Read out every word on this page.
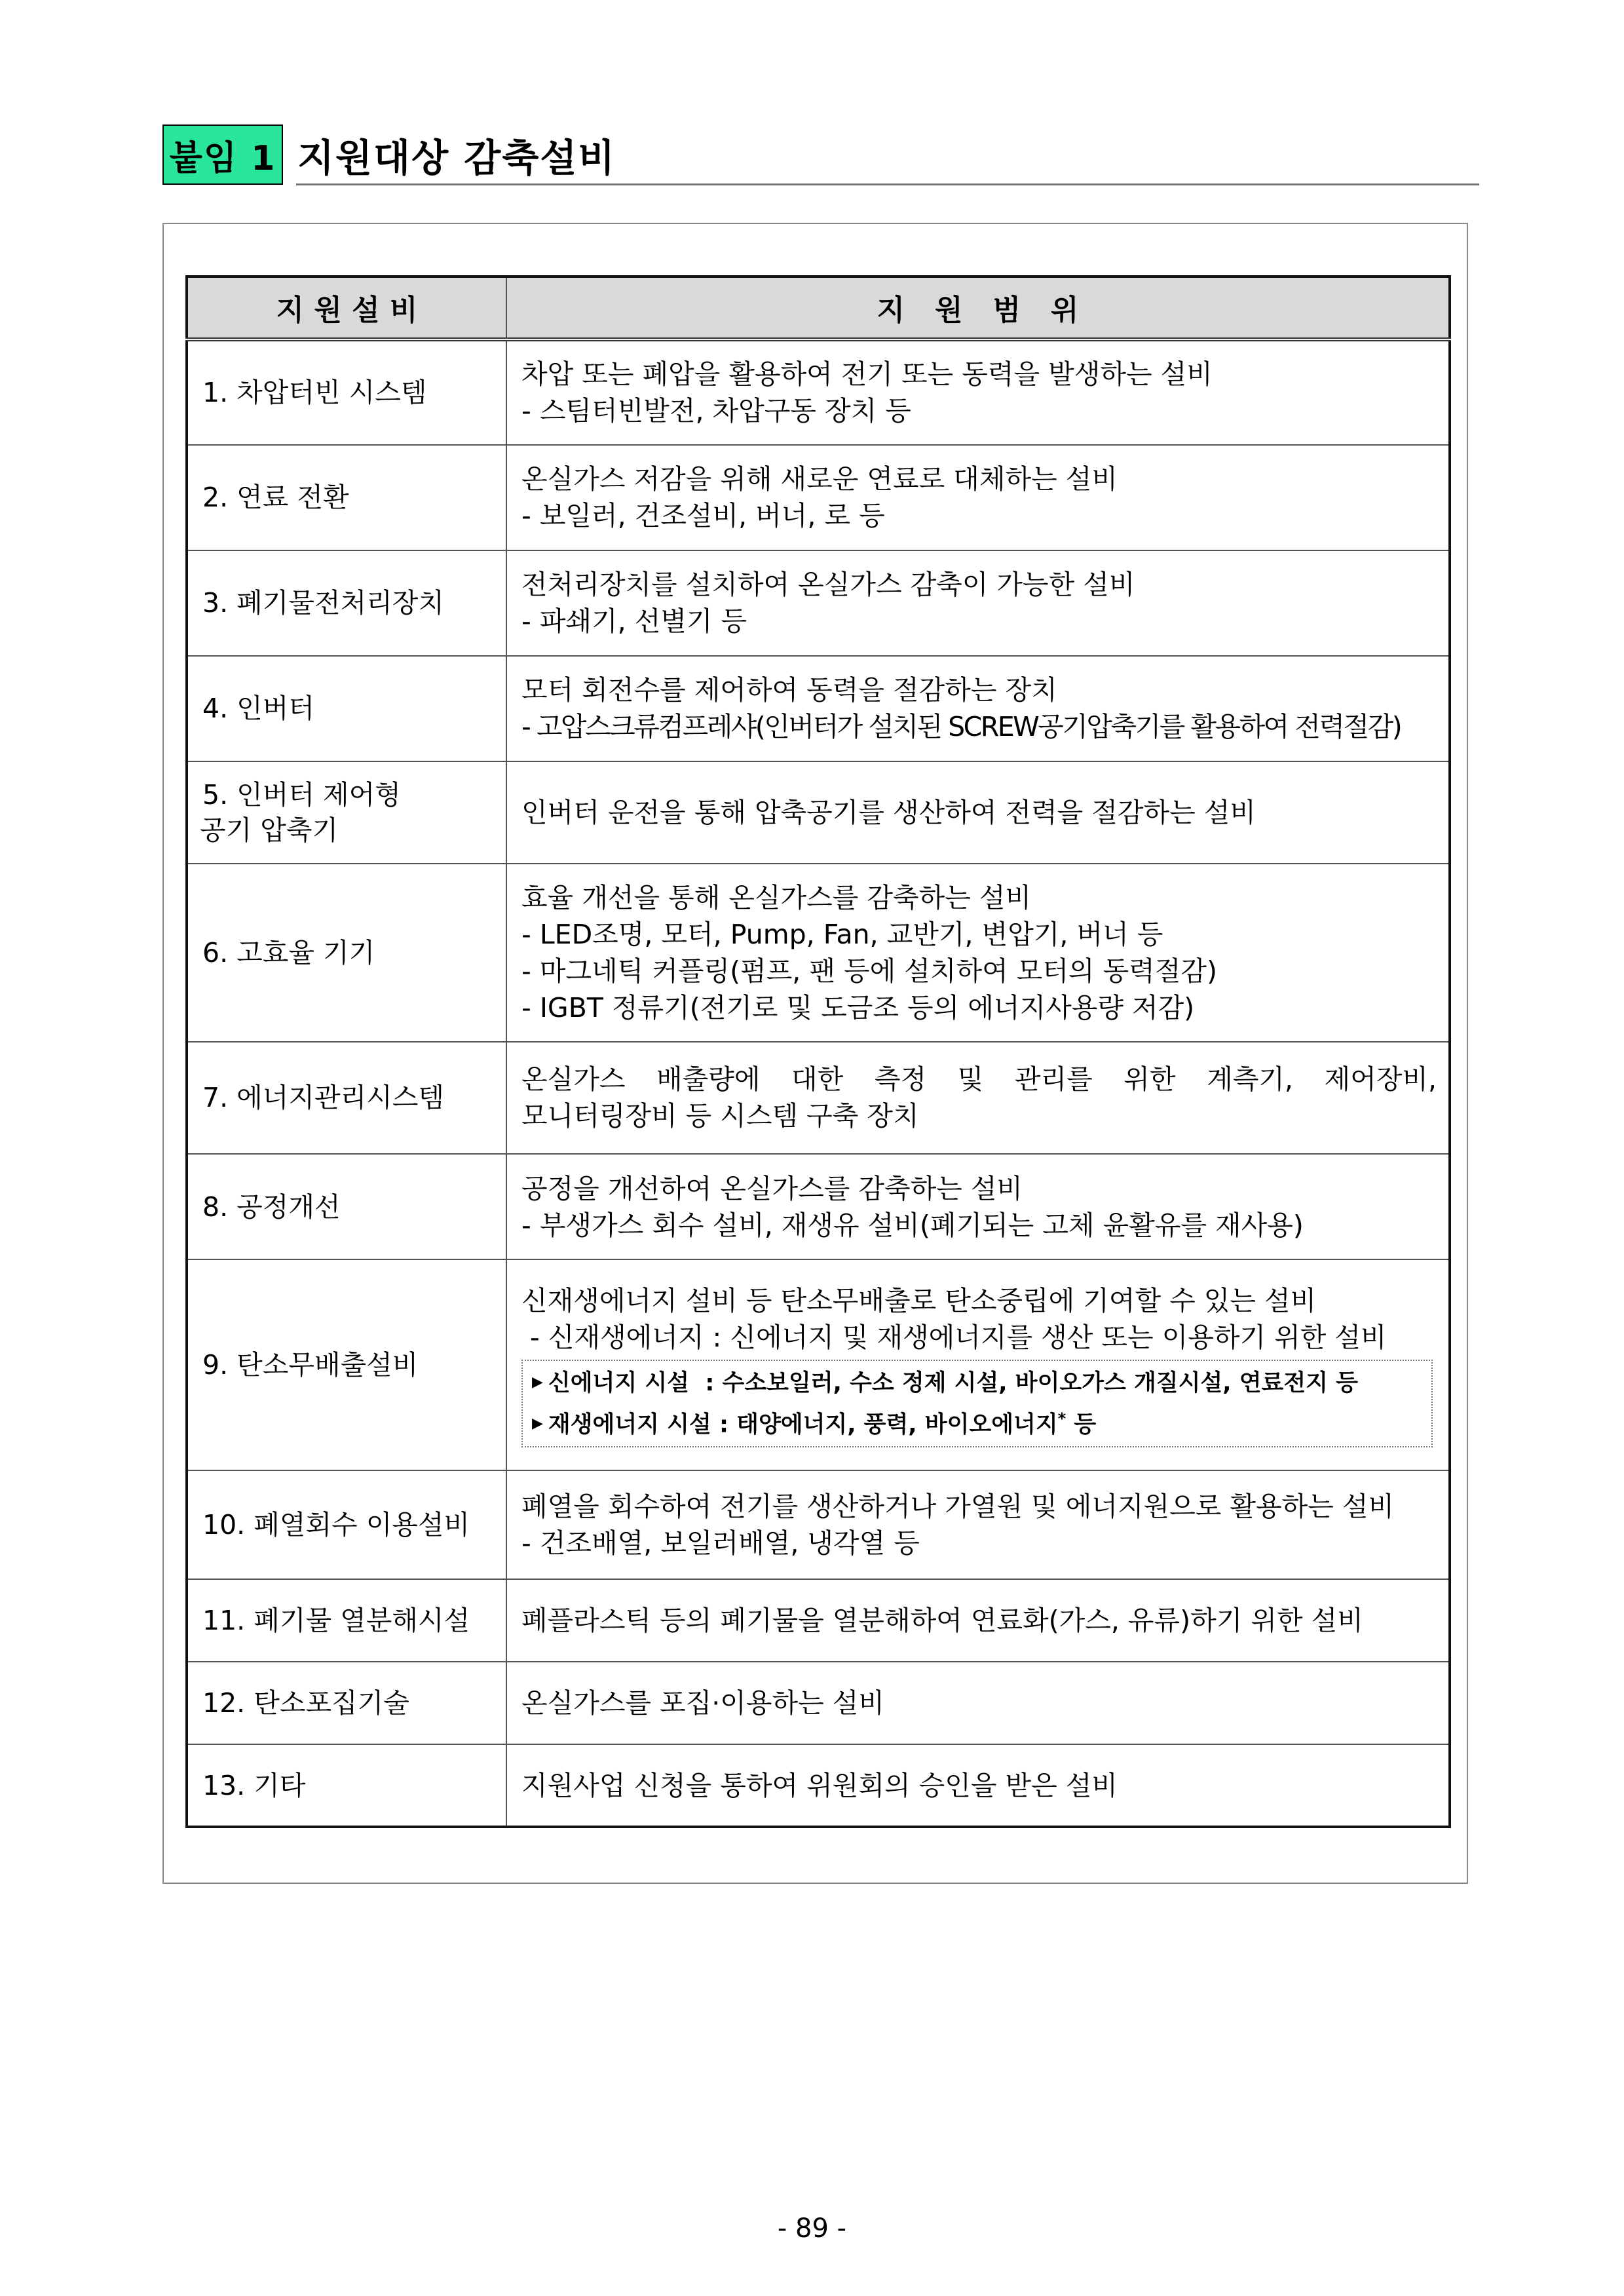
붙임 1 지원대상 감축설비
지 원 설 비	지   원   범   위
1. 차압터빈 시스템	차압 또는 폐압을 활용하여 전기 또는 동력을 발생하는 설비
- 스팀터빈발전, 차압구동 장치 등

2. 연료 전환	온실가스 저감을 위해 새로운 연료로 대체하는 설비
- 보일러, 건조설비, 버너, 로 등

3. 폐기물전처리장치	전처리장치를 설치하여 온실가스 감축이 가능한 설비
- 파쇄기, 선별기 등

4. 인버터	모터 회전수를 제어하여 동력을 절감하는 장치
- 고압스크류컴프레샤(인버터가 설치된 SCREW공기압축기를 활용하여 전력절감)

5. 인버터 제어형
공기 압축기	인버터 운전을 통해 압축공기를 생산하여 전력을 절감하는 설비

6. 고효율 기기	효율 개선을 통해 온실가스를 감축하는 설비
- LED조명, 모터, Pump, Fan, 교반기, 변압기, 버너 등
- 마그네틱 커플링(펌프, 팬 등에 설치하여 모터의 동력절감)
- IGBT 정류기(전기로 및 도금조 등의 에너지사용량 저감)

7. 에너지관리시스템	온실가스 배출량에 대한 측정 및 관리를 위한 계측기, 제어장비,
모니터링장비 등 시스템 구축 장치

8. 공정개선	공정을 개선하여 온실가스를 감축하는 설비
- 부생가스 회수 설비, 재생유 설비(폐기되는 고체 윤활유를 재사용)

9. 탄소무배출설비	신재생에너지 설비 등 탄소무배출로 탄소중립에 기여할 수 있는 설비
- 신재생에너지 : 신에너지 및 재생에너지를 생산 또는 이용하기 위한 설비
▶ 신에너지 시설  : 수소보일러, 수소 정제 시설, 바이오가스 개질시설, 연료전지 등
▶ 재생에너지 시설 : 태양에너지, 풍력, 바이오에너지* 등

10. 폐열회수 이용설비	폐열을 회수하여 전기를 생산하거나 가열원 및 에너지원으로 활용하는 설비
- 건조배열, 보일러배열, 냉각열 등

11. 폐기물 열분해시설	폐플라스틱 등의 폐기물을 열분해하여 연료화(가스, 유류)하기 위한 설비

12. 탄소포집기술	온실가스를 포집·이용하는 설비

13. 기타	지원사업 신청을 통하여 위원회의 승인을 받은 설비
- 89 -
